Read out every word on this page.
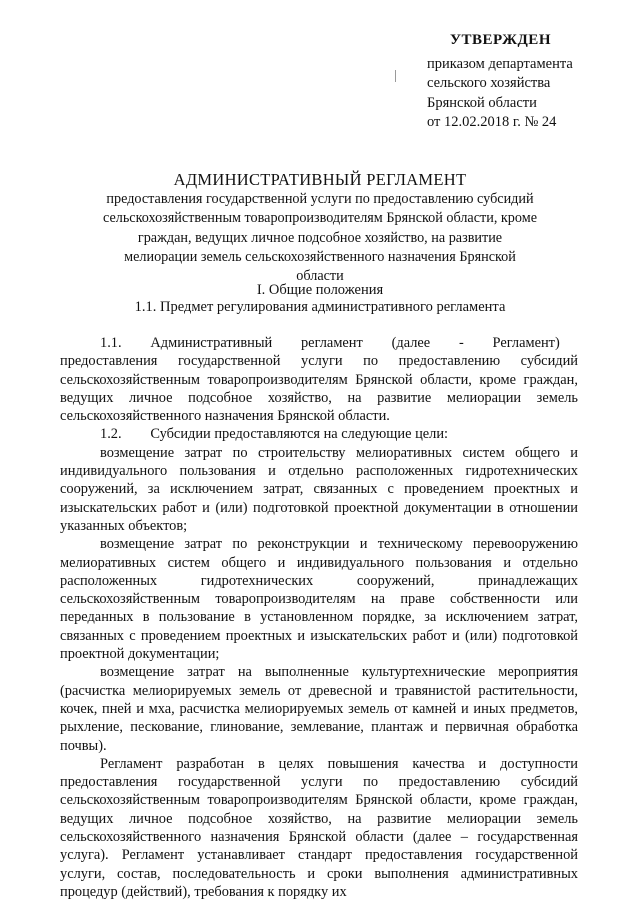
УТВЕРЖДЕН
приказом департамента
сельского хозяйства
Брянской области
от 12.02.2018 г. № 24
АДМИНИСТРАТИВНЫЙ РЕГЛАМЕНТ
предоставления государственной услуги по предоставлению субсидий сельскохозяйственным товаропроизводителям Брянской области, кроме граждан, ведущих личное подсобное хозяйство, на развитие мелиорации земель сельскохозяйственного назначения Брянской области
I. Общие положения
1.1. Предмет регулирования административного регламента

1.1.  Административный  регламент  (далее  -  Регламент) предоставления государственной услуги по предоставлению субсидий сельскохозяйственным товаропроизводителям Брянской области, кроме граждан, ведущих личное подсобное хозяйство, на развитие мелиорации земель сельскохозяйственного назначения Брянской области.

1.2.  Субсидии предоставляются на следующие цели:

возмещение затрат по строительству мелиоративных систем общего и индивидуального пользования и отдельно расположенных гидротехнических сооружений, за исключением затрат, связанных с проведением проектных и изыскательских работ и (или) подготовкой проектной документации в отношении указанных объектов;

возмещение затрат по реконструкции и техническому перевооружению мелиоративных систем общего и индивидуального пользования и отдельно расположенных гидротехнических сооружений, принадлежащих сельскохозяйственным товаропроизводителям на праве собственности или переданных в пользование в установленном порядке, за исключением затрат, связанных с проведением проектных и изыскательских работ и (или) подготовкой проектной документации;

возмещение затрат на выполненные культуртехнические мероприятия (расчистка мелиорируемых земель от древесной и травянистой растительности, кочек, пней и мха, расчистка мелиорируемых земель от камней и иных предметов, рыхление, пескование, глинование, землевание, плантаж и первичная обработка почвы).

Регламент разработан в целях повышения качества и доступности предоставления государственной услуги по предоставлению субсидий сельскохозяйственным товаропроизводителям Брянской области, кроме граждан, ведущих личное подсобное хозяйство, на развитие мелиорации земель сельскохозяйственного назначения Брянской области (далее – государственная услуга). Регламент устанавливает стандарт предоставления государственной услуги, состав, последовательность и сроки выполнения административных процедур (действий), требования к порядку их
